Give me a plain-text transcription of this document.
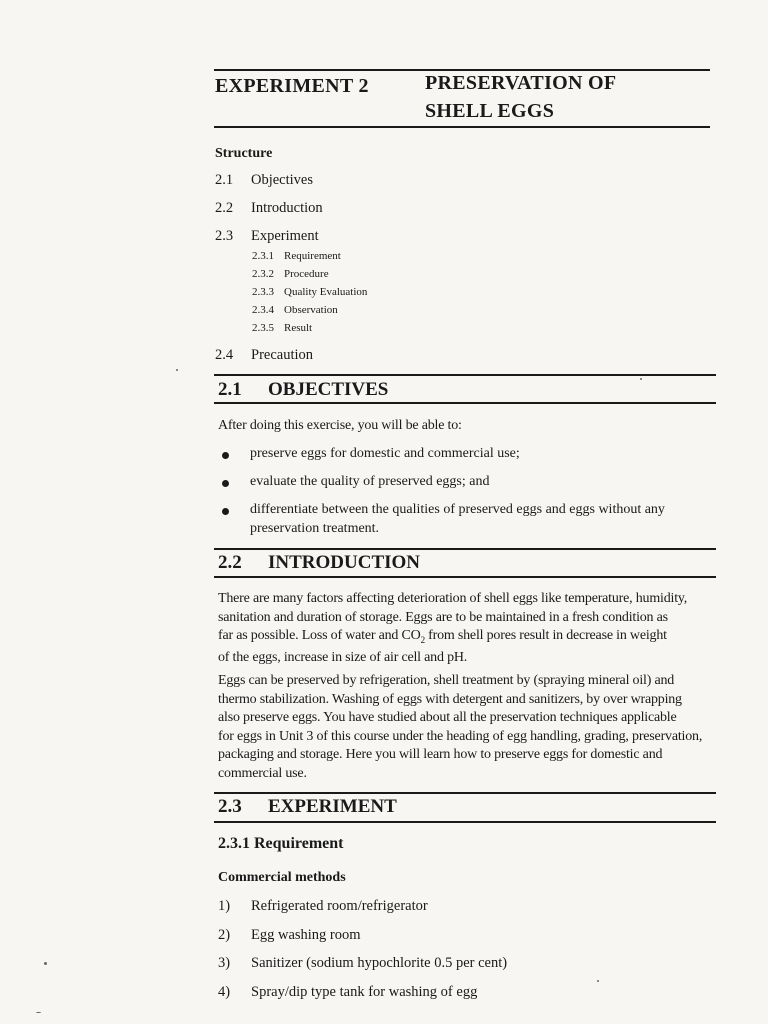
EXPERIMENT 2	PRESERVATION OF
SHELL EGGS
Structure
2.1 Objectives
2.2 Introduction
2.3 Experiment
2.3.1 Requirement
2.3.2 Procedure
2.3.3 Quality Evaluation
2.3.4 Observation
2.3.5 Result
2.4 Precaution
2.1 OBJECTIVES
After doing this exercise, you will be able to:
preserve eggs for domestic and commercial use;
evaluate the quality of preserved eggs; and
differentiate between the qualities of preserved eggs and eggs without any
preservation treatment.
2.2 INTRODUCTION
There are many factors affecting deterioration of shell eggs like temperature, humidity,
sanitation and duration of storage. Eggs are to be maintained in a fresh condition as
far as possible. Loss of water and $CO_2$ from shell pores result in decrease in weight
of the eggs, increase in size of air cell and pH.
Eggs can be preserved by refrigeration, shell treatment by (spraying mineral oil) and
thermo stabilization. Washing of eggs with detergent and sanitizers, by over wrapping
also preserve eggs. You have studied about all the preservation techniques applicable
for eggs in Unit 3 of this course under the heading of egg handling, grading, preservation,
packaging and storage. Here you will learn how to preserve eggs for domestic and
commercial use.
2.3 EXPERIMENT
2.3.1 Requirement
Commercial methods
1) Refrigerated room/refrigerator
2) Egg washing room
3) Sanitizer (sodium hypochlorite 0.5 per cent)
4) Spray/dip type tank for washing of egg
